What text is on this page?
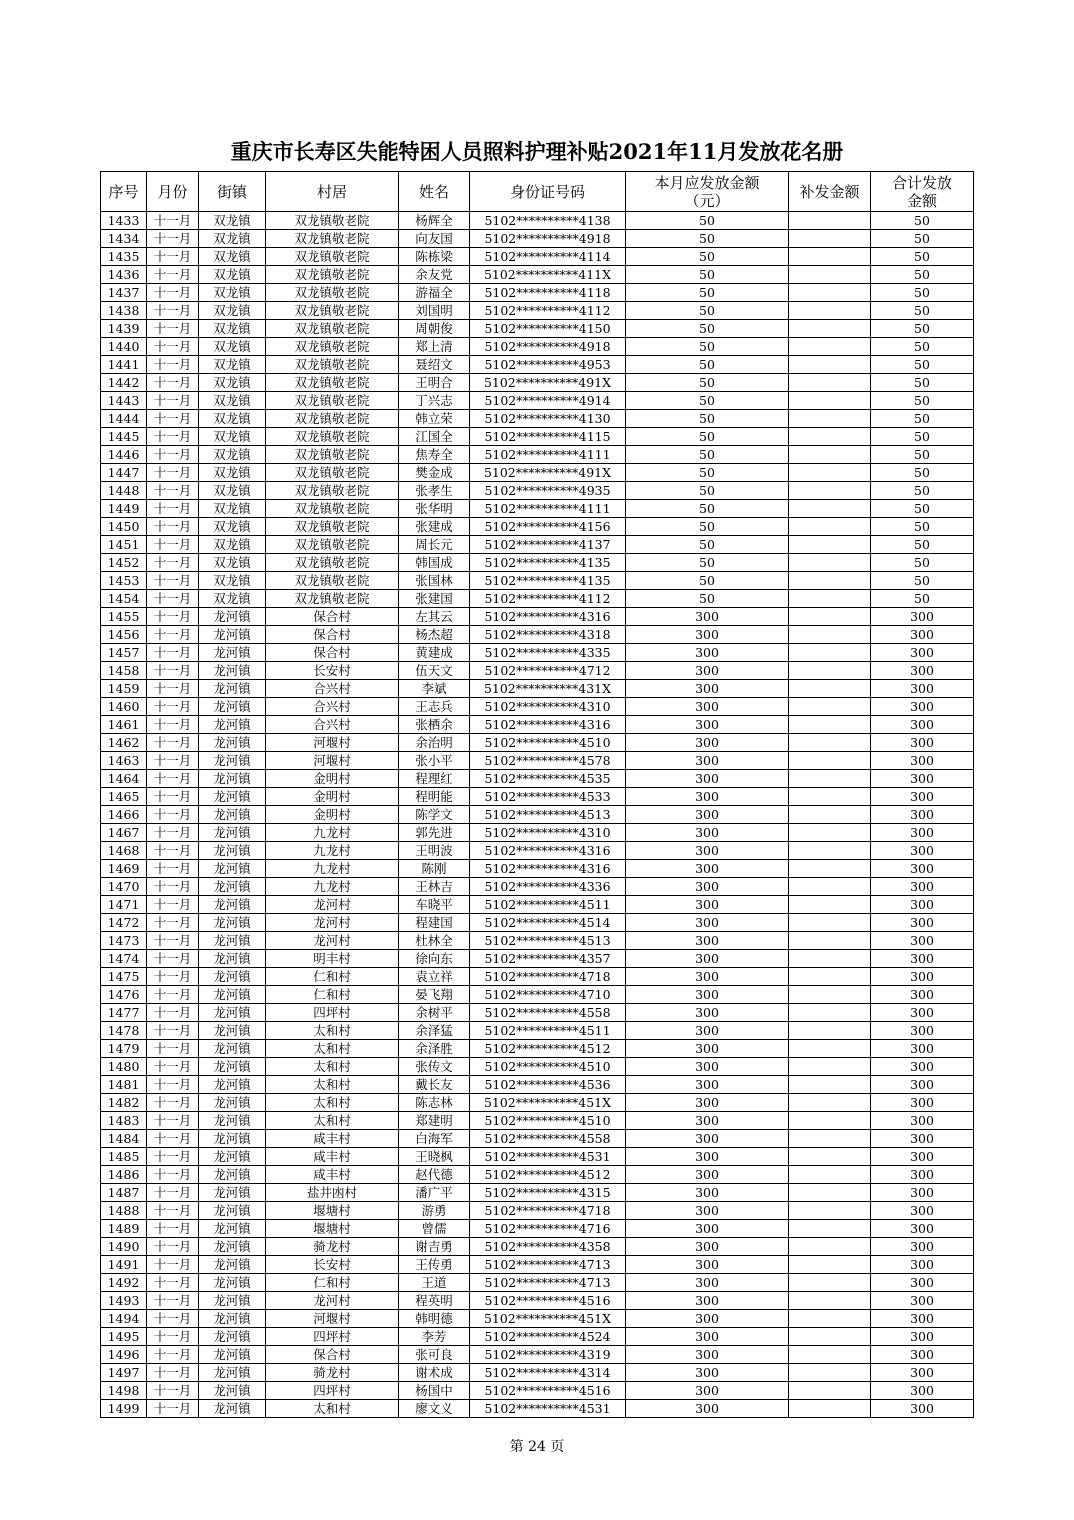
重庆市长寿区失能特困人员照料护理补贴2021年11月发放花名册
序号	月份	街镇	村居	姓名	身份证号码	本月应发放金额（元）	补发金额	合计发放金额
1433	十一月	双龙镇	双龙镇敬老院	杨辉全	5102**********4138	50		50
1434	十一月	双龙镇	双龙镇敬老院	向友国	5102**********4918	50		50
1435	十一月	双龙镇	双龙镇敬老院	陈栋梁	5102**********4114	50		50
1436	十一月	双龙镇	双龙镇敬老院	余友党	5102**********411X	50		50
1437	十一月	双龙镇	双龙镇敬老院	游福全	5102**********4118	50		50
1438	十一月	双龙镇	双龙镇敬老院	刘国明	5102**********4112	50		50
1439	十一月	双龙镇	双龙镇敬老院	周朝俊	5102**********4150	50		50
1440	十一月	双龙镇	双龙镇敬老院	郑上清	5102**********4918	50		50
1441	十一月	双龙镇	双龙镇敬老院	聂绍文	5102**********4953	50		50
1442	十一月	双龙镇	双龙镇敬老院	王明合	5102**********491X	50		50
1443	十一月	双龙镇	双龙镇敬老院	丁兴志	5102**********4914	50		50
1444	十一月	双龙镇	双龙镇敬老院	韩立荣	5102**********4130	50		50
1445	十一月	双龙镇	双龙镇敬老院	江国全	5102**********4115	50		50
1446	十一月	双龙镇	双龙镇敬老院	焦寿全	5102**********4111	50		50
1447	十一月	双龙镇	双龙镇敬老院	樊金成	5102**********491X	50		50
1448	十一月	双龙镇	双龙镇敬老院	张孝生	5102**********4935	50		50
1449	十一月	双龙镇	双龙镇敬老院	张华明	5102**********4111	50		50
1450	十一月	双龙镇	双龙镇敬老院	张建成	5102**********4156	50		50
1451	十一月	双龙镇	双龙镇敬老院	周长元	5102**********4137	50		50
1452	十一月	双龙镇	双龙镇敬老院	韩国成	5102**********4135	50		50
1453	十一月	双龙镇	双龙镇敬老院	张国林	5102**********4135	50		50
1454	十一月	双龙镇	双龙镇敬老院	张建国	5102**********4112	50		50
1455	十一月	龙河镇	保合村	左其云	5102**********4316	300		300
1456	十一月	龙河镇	保合村	杨杰超	5102**********4318	300		300
1457	十一月	龙河镇	保合村	黄建成	5102**********4335	300		300
1458	十一月	龙河镇	长安村	伍天文	5102**********4712	300		300
1459	十一月	龙河镇	合兴村	李斌	5102**********431X	300		300
1460	十一月	龙河镇	合兴村	王志兵	5102**********4310	300		300
1461	十一月	龙河镇	合兴村	张栖余	5102**********4316	300		300
1462	十一月	龙河镇	河堰村	余治明	5102**********4510	300		300
1463	十一月	龙河镇	河堰村	张小平	5102**********4578	300		300
1464	十一月	龙河镇	金明村	程理红	5102**********4535	300		300
1465	十一月	龙河镇	金明村	程明能	5102**********4533	300		300
1466	十一月	龙河镇	金明村	陈学文	5102**********4513	300		300
1467	十一月	龙河镇	九龙村	郭先进	5102**********4310	300		300
1468	十一月	龙河镇	九龙村	王明波	5102**********4316	300		300
1469	十一月	龙河镇	九龙村	陈刚	5102**********4316	300		300
1470	十一月	龙河镇	九龙村	王林吉	5102**********4336	300		300
1471	十一月	龙河镇	龙河村	车晓平	5102**********4511	300		300
1472	十一月	龙河镇	龙河村	程建国	5102**********4514	300		300
1473	十一月	龙河镇	龙河村	杜林全	5102**********4513	300		300
1474	十一月	龙河镇	明丰村	徐向东	5102**********4357	300		300
1475	十一月	龙河镇	仁和村	袁立祥	5102**********4718	300		300
1476	十一月	龙河镇	仁和村	晏飞翔	5102**********4710	300		300
1477	十一月	龙河镇	四坪村	余树平	5102**********4558	300		300
1478	十一月	龙河镇	太和村	余泽猛	5102**********4511	300		300
1479	十一月	龙河镇	太和村	余泽胜	5102**********4512	300		300
1480	十一月	龙河镇	太和村	张传文	5102**********4510	300		300
1481	十一月	龙河镇	太和村	戴长友	5102**********4536	300		300
1482	十一月	龙河镇	太和村	陈志林	5102**********451X	300		300
1483	十一月	龙河镇	太和村	郑建明	5102**********4510	300		300
1484	十一月	龙河镇	咸丰村	白海军	5102**********4558	300		300
1485	十一月	龙河镇	咸丰村	王晓枫	5102**********4531	300		300
1486	十一月	龙河镇	咸丰村	赵代德	5102**********4512	300		300
1487	十一月	龙河镇	盐井凼村	潘广平	5102**********4315	300		300
1488	十一月	龙河镇	堰塘村	游勇	5102**********4718	300		300
1489	十一月	龙河镇	堰塘村	曾儒	5102**********4716	300		300
1490	十一月	龙河镇	骑龙村	谢吉勇	5102**********4358	300		300
1491	十一月	龙河镇	长安村	王传勇	5102**********4713	300		300
1492	十一月	龙河镇	仁和村	王道	5102**********4713	300		300
1493	十一月	龙河镇	龙河村	程英明	5102**********4516	300		300
1494	十一月	龙河镇	河堰村	韩明德	5102**********451X	300		300
1495	十一月	龙河镇	四坪村	李芳	5102**********4524	300		300
1496	十一月	龙河镇	保合村	张可良	5102**********4319	300		300
1497	十一月	龙河镇	骑龙村	谢术成	5102**********4314	300		300
1498	十一月	龙河镇	四坪村	杨国中	5102**********4516	300		300
1499	十一月	龙河镇	太和村	廖文义	5102**********4531	300		300
第 24 页
